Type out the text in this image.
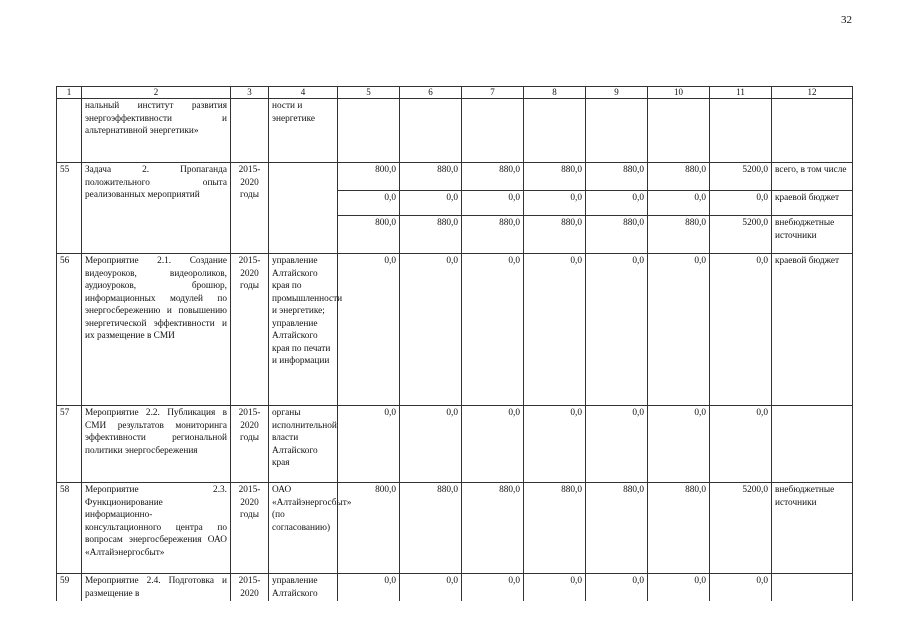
32
1	2	3	4	5	6	7	8	9	10	11	12
	нальный институт развития энергоэффективности и альтернативной энергетики»		ности и энергетике								
55	Задача 2. Пропаганда положительного опыта реализованных мероприятий	2015-2020 годы		800,0	880,0	880,0	880,0	880,0	880,0	5200,0	всего, в том числе
				0,0	0,0	0,0	0,0	0,0	0,0	0,0	краевой бюджет
				800,0	880,0	880,0	880,0	880,0	880,0	5200,0	внебюджетные источники
56	Мероприятие 2.1. Создание видеоуроков, видеороликов, аудиоуроков, брошюр, информационных модулей по энергосбережению и повышению энергетической эффективности и их размещение в СМИ	2015-2020 годы	управление Алтайского края по промышленности и энергетике; управление Алтайского края по печати и информации	0,0	0,0	0,0	0,0	0,0	0,0	0,0	краевой бюджет
57	Мероприятие 2.2. Публикация в СМИ результатов мониторинга эффективности региональной политики энергосбережения	2015-2020 годы	органы исполнительной власти Алтайского края	0,0	0,0	0,0	0,0	0,0	0,0	0,0	
58	Мероприятие 2.3. Функционирование информационно-консультационного центра по вопросам энергосбережения ОАО «Алтайэнергосбыт»	2015-2020 годы	ОАО «Алтайэнергосбыт» (по согласованию)	800,0	880,0	880,0	880,0	880,0	880,0	5200,0	внебюджетные источники
59	Мероприятие 2.4. Подготовка и размещение в	2015-2020	управление Алтайского	0,0	0,0	0,0	0,0	0,0	0,0	0,0	
